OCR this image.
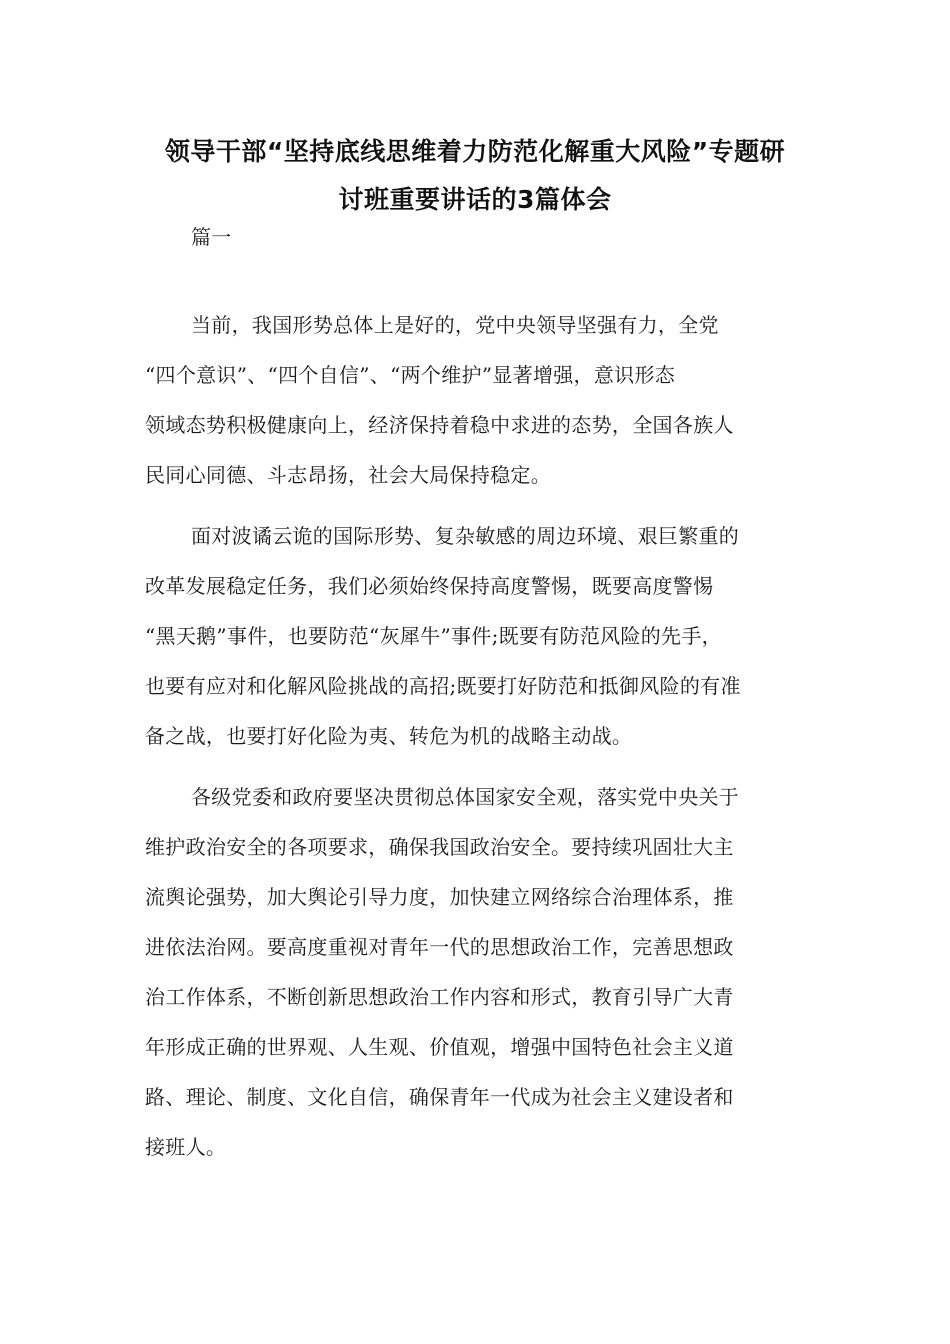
领导干部“坚持底线思维着力防范化解重大风险”专题研
讨班重要讲话的3篇体会
篇一
当前，我国形势总体上是好的，党中央领导坚强有力，全党
“四个意识”、“四个自信”、“两个维护”显著增强，意识形态
领域态势积极健康向上，经济保持着稳中求进的态势，全国各族人
民同心同德、斗志昂扬，社会大局保持稳定。
面对波谲云诡的国际形势、复杂敏感的周边环境、艰巨繁重的
改革发展稳定任务，我们必须始终保持高度警惕，既要高度警惕
“黑天鹅”事件，也要防范“灰犀牛”事件;既要有防范风险的先手，
也要有应对和化解风险挑战的高招;既要打好防范和抵御风险的有准
备之战，也要打好化险为夷、转危为机的战略主动战。
各级党委和政府要坚决贯彻总体国家安全观，落实党中央关于
维护政治安全的各项要求，确保我国政治安全。要持续巩固壮大主
流舆论强势，加大舆论引导力度，加快建立网络综合治理体系，推
进依法治网。要高度重视对青年一代的思想政治工作，完善思想政
治工作体系，不断创新思想政治工作内容和形式，教育引导广大青
年形成正确的世界观、人生观、价值观，增强中国特色社会主义道
路、理论、制度、文化自信，确保青年一代成为社会主义建设者和
接班人。
